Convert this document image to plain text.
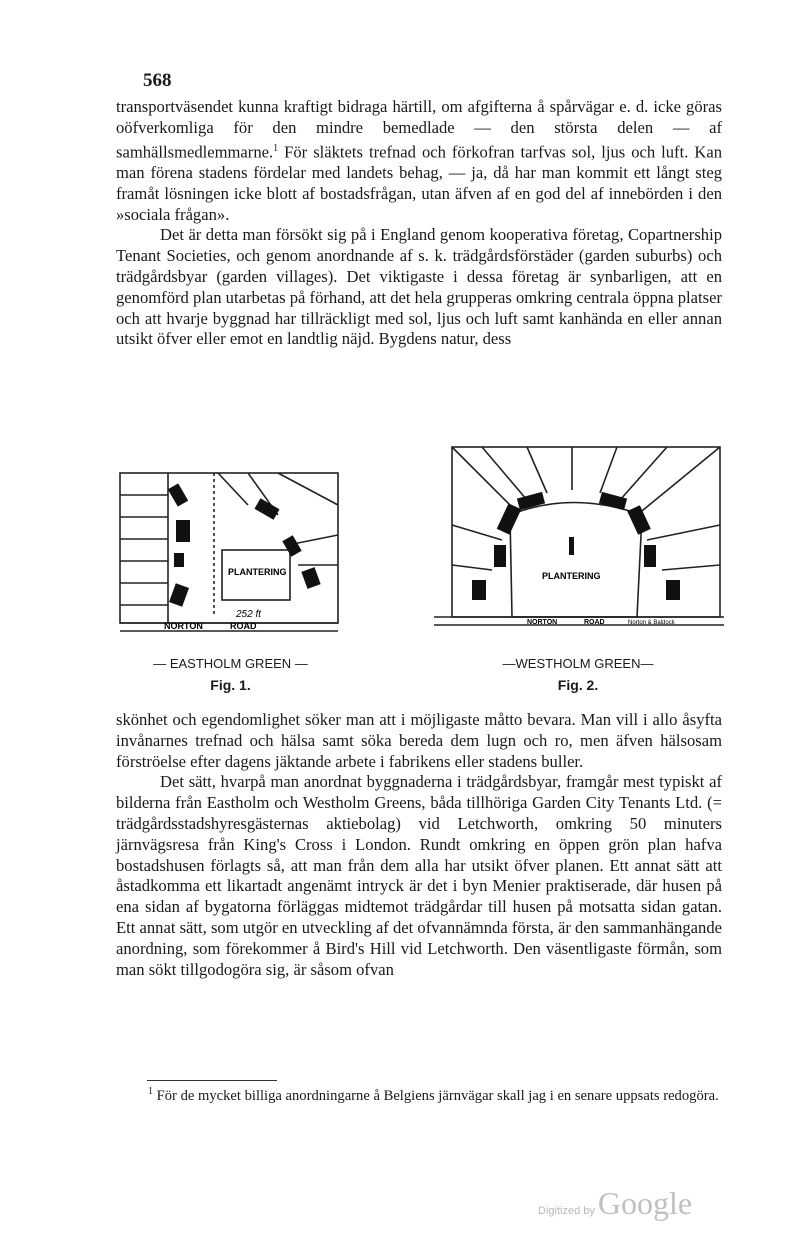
568

transportväsendet kunna kraftigt bidraga härtill, om afgifterna å spårvägar e. d. icke göras oöfverkomliga för den mindre bemedlade — den största delen — af samhällsmedlemmarne.$^1$ För släktets trefnad och förkofran tarfvas sol, ljus och luft. Kan man förena stadens fördelar med landets behag, — ja, då har man kommit ett långt steg framåt lösningen icke blott af bostadsfrågan, utan äfven af en god del af innebörden i den »sociala frågan».

Det är detta man försökt sig på i England genom kooperativa företag, Copartnership Tenant Societies, och genom anordnande af s. k. trädgårdsförstäder (garden suburbs) och trädgårdsbyar (garden villages). Det viktigaste i dessa företag är synbarligen, att en genomförd plan utarbetas på förhand, att det hela grupperas omkring centrala öppna platser och att hvarje byggnad har tillräckligt med sol, ljus och luft samt kanhända en eller annan utsikt öfver eller emot en landtlig näjd. Bygdens natur, dess

PLANTERING
252 ft
NORTON	ROAD
— EASTHOLM GREEN —
Fig. 1.
PLANTERING
NORTON	ROAD	Norton & Baldock
—WESTHOLM GREEN—
Fig. 2.

skönhet och egendomlighet söker man att i möjligaste måtto bevara. Man vill i allo åsyfta invånarnes trefnad och hälsa samt söka bereda dem lugn och ro, men äfven hälsosam förströelse efter dagens jäktande arbete i fabrikens eller stadens buller.

Det sätt, hvarpå man anordnat byggnaderna i trädgårdsbyar, framgår mest typiskt af bilderna från Eastholm och Westholm Greens, båda tillhöriga Garden City Tenants Ltd. (= trädgårdsstadshyresgästernas aktiebolag) vid Letchworth, omkring 50 minuters järnvägsresa från King's Cross i London. Rundt omkring en öppen grön plan hafva bostadshusen förlagts så, att man från dem alla har utsikt öfver planen. Ett annat sätt att åstadkomma ett likartadt angenämt intryck är det i byn Menier praktiserade, där husen på ena sidan af bygatorna förläggas midtemot trädgårdar till husen på motsatta sidan gatan. Ett annat sätt, som utgör en utveckling af det ofvannämnda första, är den sammanhängande anordning, som förekommer å Bird's Hill vid Letchworth. Den väsentligaste förmån, som man sökt tillgodogöra sig, är såsom ofvan

$^1$ För de mycket billiga anordningarne å Belgiens järnvägar skall jag i en senare uppsats redogöra.
Digitized by Google
